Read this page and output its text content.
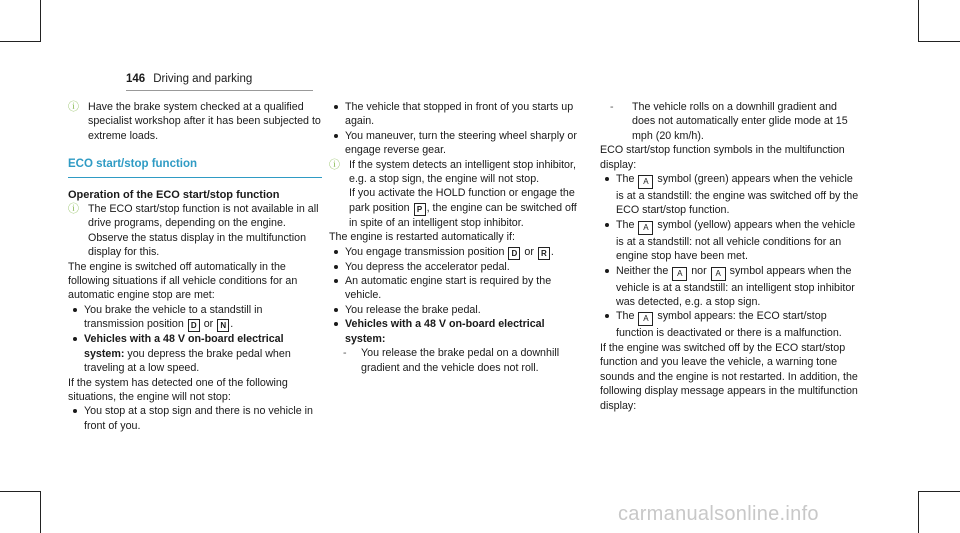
146 Driving and parking

ⓘ Have the brake system checked at a qualified specialist workshop after it has been subjected to extreme loads.

ECO start/stop function
Operation of the ECO start/stop function

ⓘ The ECO start/stop function is not available in all drive programs, depending on the engine. Observe the status display in the multifunction display for this.

The engine is switched off automatically in the following situations if all vehicle conditions for an automatic engine stop are met:

You brake the vehicle to a standstill in transmission position D or N .

Vehicles with a 48 V on-board electrical system: you depress the brake pedal when traveling at a low speed.

If the system has detected one of the following situations, the engine will not stop:

You stop at a stop sign and there is no vehicle in front of you.

The vehicle that stopped in front of you starts up again.

You maneuver, turn the steering wheel sharply or engage reverse gear.

ⓘ If the system detects an intelligent stop inhibitor, e.g. a stop sign, the engine will not stop.
If you activate the HOLD function or engage the park position P , the engine can be switched off in spite of an intelligent stop inhibitor.

The engine is restarted automatically if:

You engage transmission position D or R .

You depress the accelerator pedal.

An automatic engine start is required by the vehicle.

You release the brake pedal.

Vehicles with a 48 V on-board electrical system:

- You release the brake pedal on a downhill gradient and the vehicle does not roll.

- The vehicle rolls on a downhill gradient and does not automatically enter glide mode at 15 mph (20 km/h).

ECO start/stop function symbols in the multifunction display:

The A symbol (green) appears when the vehicle is at a standstill: the engine was switched off by the ECO start/stop function.

The A symbol (yellow) appears when the vehicle is at a standstill: not all vehicle conditions for an engine stop have been met.

Neither the A nor A symbol appears when the vehicle is at a standstill: an intelligent stop inhibitor was detected, e.g. a stop sign.

The A symbol appears: the ECO start/stop function is deactivated or there is a malfunction.

If the engine was switched off by the ECO start/stop function and you leave the vehicle, a warning tone sounds and the engine is not restarted. In addition, the following display message appears in the multifunction display:

carmanualsonline.info
